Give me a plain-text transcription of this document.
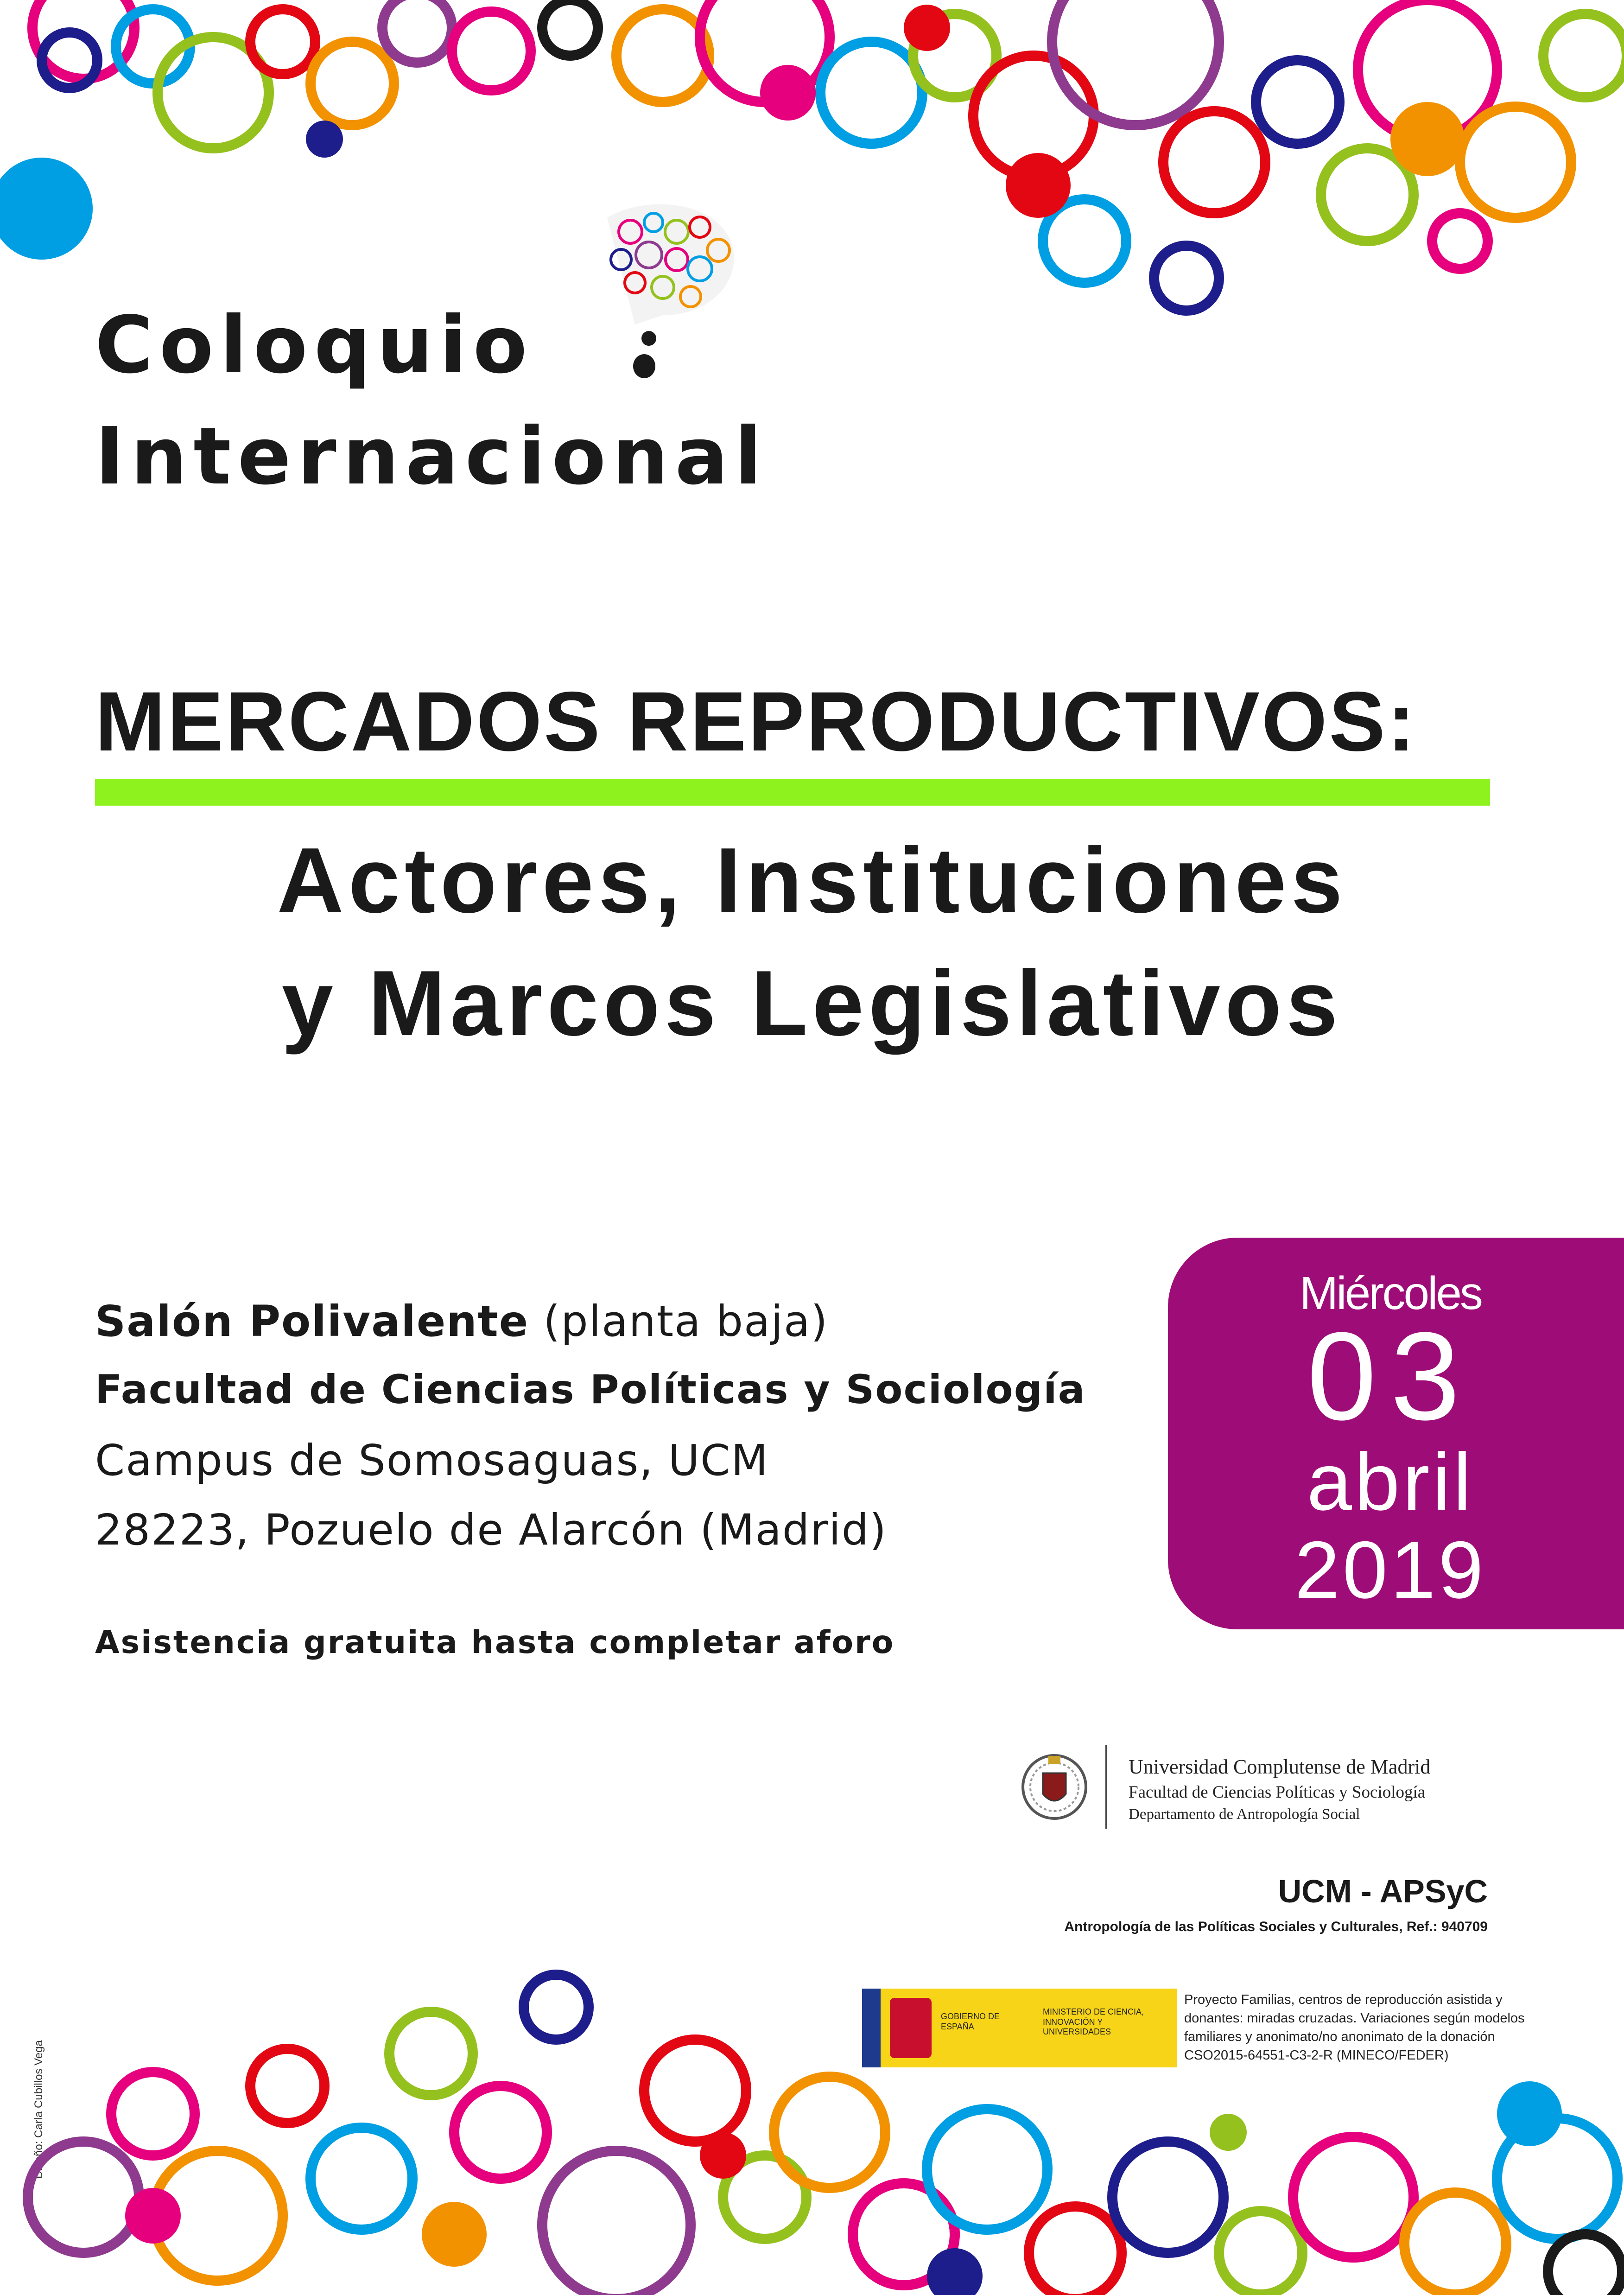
Coloquio
Internacional
MERCADOS REPRODUCTIVOS:
Actores, Instituciones
y Marcos Legislativos
Salón Polivalente (planta baja)
Facultad de Ciencias Políticas y Sociología
Campus de Somosaguas, UCM
28223, Pozuelo de Alarcón (Madrid)
Asistencia gratuita hasta completar aforo
Miércoles
03
abril
2019
Universidad Complutense de Madrid
Facultad de Ciencias Políticas y Sociología
Departamento de Antropología Social
UCM - APSyC
Antropología de las Políticas Sociales y Culturales, Ref.: 940709
GOBIERNO DE ESPAÑA
MINISTERIO DE CIENCIA, INNOVACIÓN Y UNIVERSIDADES
Proyecto Familias, centros de reproducción asistida y
donantes: miradas cruzadas. Variaciones según modelos
familiares y anonimato/no anonimato de la donación
CSO2015-64551-C3-2-R (MINECO/FEDER)
Diseño: Carla Cubillos Vega
